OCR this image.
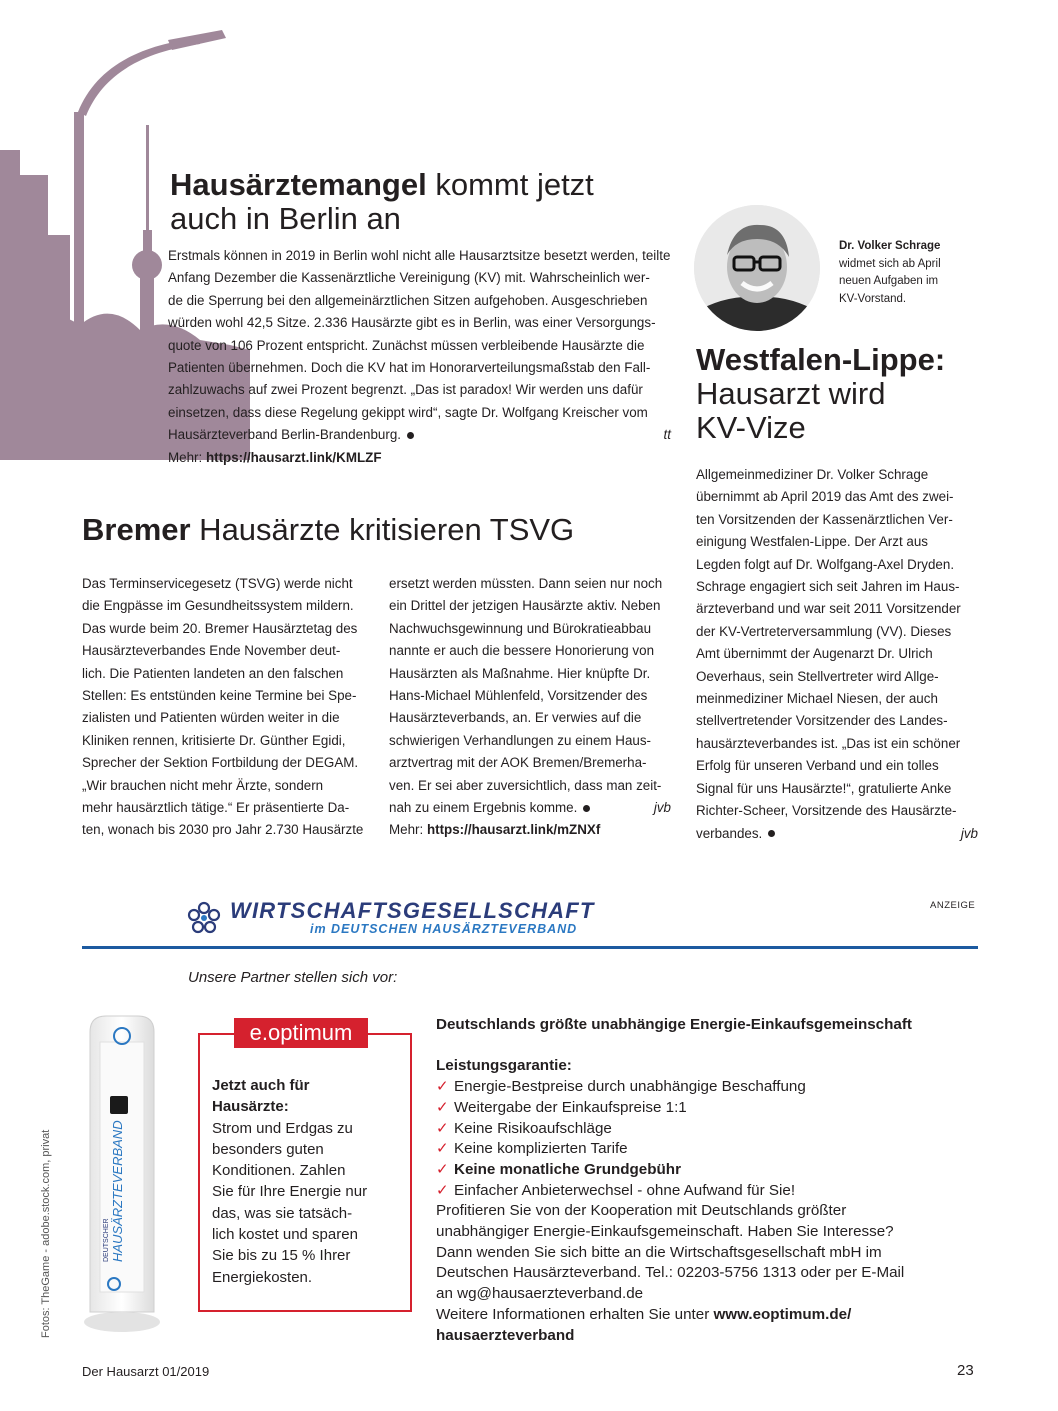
Hausärztemangel kommt jetzt
auch in Berlin an

Erstmals können in 2019 in Berlin wohl nicht alle Hausarztsitze besetzt werden, teilte

Anfang Dezember die Kassenärztliche Vereinigung (KV) mit. Wahrscheinlich wer-

de die Sperrung bei den allgemeinärztlichen Sitzen aufgehoben. Ausgeschrieben

würden wohl 42,5 Sitze. 2.336 Hausärzte gibt es in Berlin, was einer Versorgungs-

quote von 106 Prozent entspricht. Zunächst müssen verbleibende Hausärzte die

Patienten übernehmen. Doch die KV hat im Honorarverteilungsmaßstab den Fall-

zahlzuwachs auf zwei Prozent begrenzt. „Das ist paradox! Wir werden uns dafür

einsetzen, dass diese Regelung gekippt wird“, sagte Dr. Wolfgang Kreischer vom

Hausärzteverband Berlin-Brandenburg.	tt

Mehr: https://hausarzt.link/KMLZF

Dr. Volker Schrage
widmet sich ab April
neuen Aufgaben im
KV-Vorstand.
Westfalen-Lippe:
Hausarzt wird
KV-Vize

Allgemeinmediziner Dr. Volker Schrage

übernimmt ab April 2019 das Amt des zwei-

ten Vorsitzenden der Kassenärztlichen Ver-

einigung Westfalen-Lippe. Der Arzt aus

Legden folgt auf Dr. Wolfgang-Axel Dryden.

Schrage engagiert sich seit Jahren im Haus-

ärzteverband und war seit 2011 Vorsitzender

der KV-Vertreterversammlung (VV). Dieses

Amt übernimmt der Augenarzt Dr. Ulrich

Oeverhaus, sein Stellvertreter wird Allge-

meinmediziner Michael Niesen, der auch

stellvertretender Vorsitzender des Landes-

hausärzteverbandes ist. „Das ist ein schöner

Erfolg für unseren Verband und ein tolles

Signal für uns Hausärzte!“, gratulierte Anke

Richter-Scheer, Vorsitzende des Hausärzte-

verbandes.	jvb

Bremer Hausärzte kritisieren TSVG

Das Terminservicegesetz (TSVG) werde nicht

die Engpässe im Gesundheitssystem mildern.

Das wurde beim 20. Bremer Hausärztetag des

Hausärzteverbandes Ende November deut-

lich. Die Patienten landeten an den falschen

Stellen: Es entstünden keine Termine bei Spe-

zialisten und Patienten würden weiter in die

Kliniken rennen, kritisierte Dr. Günther Egidi,

Sprecher der Sektion Fortbildung der DEGAM.

„Wir brauchen nicht mehr Ärzte, sondern

mehr hausärztlich tätige.“ Er präsentierte Da-

ten, wonach bis 2030 pro Jahr 2.730 Hausärzte

ersetzt werden müssten. Dann seien nur noch

ein Drittel der jetzigen Hausärzte aktiv. Neben

Nachwuchsgewinnung und Bürokratieabbau

nannte er auch die bessere Honorierung von

Hausärzten als Maßnahme. Hier knüpfte Dr.

Hans-Michael Mühlenfeld, Vorsitzender des

Hausärzteverbands, an. Er verwies auf die

schwierigen Verhandlungen zu einem Haus-

arztvertrag mit der AOK Bremen/Bremerha-

ven. Er sei aber zuversichtlich, dass man zeit-

nah zu einem Ergebnis komme.	jvb

Mehr: https://hausarzt.link/mZNXf

WIRTSCHAFTSGESELLSCHAFT
im DEUTSCHEN HAUSÄRZTEVERBAND
ANZEIGE
Unsere Partner stellen sich vor:
DEUTSCHER HAUSÄRZTEVERBAND
e.optimum
Jetzt auch für
Hausärzte:
Strom und Erdgas zu
besonders guten
Konditionen. Zahlen
Sie für Ihre Energie nur
das, was sie tatsäch-
lich kostet und sparen
Sie bis zu 15 % Ihrer
Energiekosten.
Deutschlands größte unabhängige Energie-Einkaufsgemeinschaft

Leistungsgarantie:

✓ Energie-Bestpreise durch unabhängige Beschaffung
✓ Weitergabe der Einkaufspreise 1:1
✓ Keine Risikoaufschläge
✓ Keine komplizierten Tarife
✓ Keine monatliche Grundgebühr
✓ Einfacher Anbieterwechsel - ohne Aufwand für Sie!
Profitieren Sie von der Kooperation mit Deutschlands größter
unabhängiger Energie-Einkaufsgemeinschaft. Haben Sie Interesse?
Dann wenden Sie sich bitte an die Wirtschaftsgesellschaft mbH im
Deutschen Hausärzteverband. Tel.: 02203-5756 1313 oder per E-Mail
an wg@hausaerzteverband.de
Weitere Informationen erhalten Sie unter www.eoptimum.de/
hausaerzteverband
Fotos: TheGame - adobe.stock.com, privat
Der Hausarzt 01/2019	23
